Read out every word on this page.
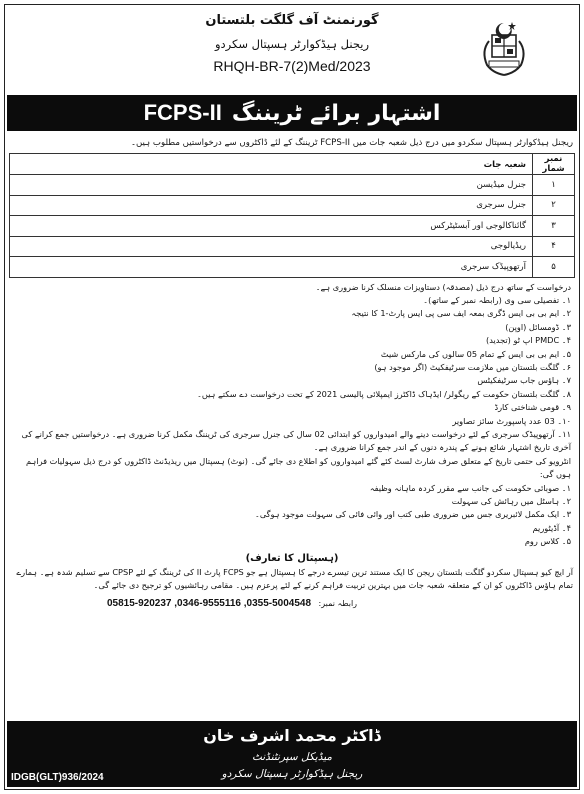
گورنمنٹ آف گلگت بلتستان
ریجنل ہیڈکوارٹر ہسپتال سکردو
RHQH-BR-7(2)Med/2023
اشتہار برائے ٹریننگ
FCPS-II
ریجنل ہیڈکوارٹر ہسپتال سکردو میں درج ذیل شعبہ جات میں FCPS-II ٹریننگ کے لئے ڈاکٹروں سے درخواستیں مطلوب ہیں۔
نمبر شمار	شعبہ جات
۱	جنرل میڈیسن
۲	جنرل سرجری
۳	گائناکالوجی اور آبسٹیٹرکس
۴	ریڈیالوجی
۵	آرتھوپیڈک سرجری

درخواست کے ساتھ درج ذیل (مصدقہ) دستاویزات منسلک کرنا ضروری ہے۔

۱۔ تفصیلی سی وی (رابطہ نمبر کے ساتھ)۔

۲۔ ایم بی بی ایس ڈگری بمعہ ایف سی پی ایس پارٹ-1 کا نتیجہ

۳۔ ڈومسائل (اوپن)

۴۔ PMDC اپ ٹو (تجدید)

۵۔ ایم بی بی ایس کے تمام 05 سالوں کی مارکس شیٹ

۶۔ گلگت بلتستان میں ملازمت سرٹیفکیٹ (اگر موجود ہو)

۷۔ ہاؤس جاب سرٹیفکیٹس

۸۔ گلگت بلتستان حکومت کے ریگولر/ ایڈہاک ڈاکٹرز ایمپلائی پالیسی 2021 کے تحت درخواست دے سکتے ہیں۔

۹۔ قومی شناختی کارڈ

۱۰۔ 03 عدد پاسپورٹ سائز تصاویر

۱۱۔ آرتھوپیڈک سرجری کے لئے درخواست دینے والے امیدواروں کو ابتدائی 02 سال کی جنرل سرجری کی ٹریننگ مکمل کرنا ضروری ہے۔ درخواستیں جمع کرانے کی آخری تاریخ اشتہار شائع ہونے کے پندرہ دنوں کے اندر جمع کرانا ضروری ہے۔

انٹرویو کی حتمی تاریخ کے متعلق صرف شارٹ لسٹ کئے گئے امیدواروں کو اطلاع دی جائے گی۔ (نوٹ) ہسپتال میں ریذیڈنٹ ڈاکٹروں کو درج ذیل سہولیات فراہم ہوں گی:

۱۔ صوبائی حکومت کی جانب سے مقرر کردہ ماہانہ وظیفہ

۲۔ ہاسٹل میں رہائش کی سہولت

۳۔ ایک مکمل لائبریری جس میں ضروری طبی کتب اور وائی فائی کی سہولت موجود ہوگی۔

۴۔ آڈیٹوریم

۵۔ کلاس روم

(ہسپتال کا تعارف)
آر ایچ کیو ہسپتال سکردو گلگت بلتستان ریجن کا ایک مستند ترین تیسرے درجے کا ہسپتال ہے جو FCPS پارٹ II کی ٹریننگ کے لئے CPSP سے تسلیم شدہ ہے۔ ہمارے تمام ہاؤس ڈاکٹروں کو ان کے متعلقہ شعبہ جات میں بہترین تربیت فراہم کرنے کے لئے پرعزم ہیں۔ مقامی رہائشیوں کو ترجیح دی جائے گی۔
رابطہ نمبر: 05815-920237 ,0346-9555116 ,0355-5004548
ڈاکٹر محمد اشرف خان
میڈیکل سپرنٹنڈنٹ
ریجنل ہیڈکوارٹر ہسپتال سکردو
IDGB(GLT)936/2024
